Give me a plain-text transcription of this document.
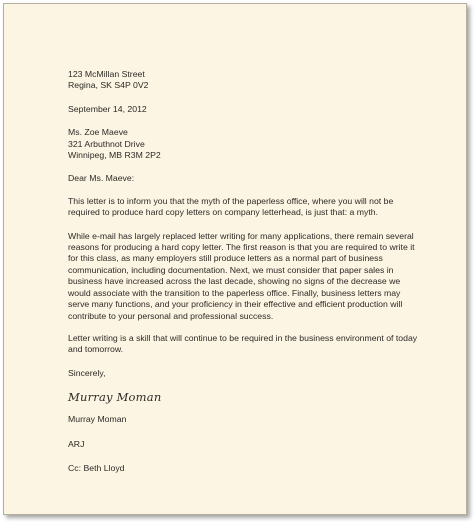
123 McMillan Street

Regina, SK S4P 0V2

September 14, 2012

Ms. Zoe Maeve

321 Arbuthnot Drive

Winnipeg, MB R3M 2P2

Dear Ms. Maeve:

This letter is to inform you that the myth of the paperless office, where you will not be required to produce hard copy letters on company letterhead, is just that: a myth.

While e-mail has largely replaced letter writing for many applications, there remain several reasons for producing a hard copy letter. The first reason is that you are required to write it for this class, as many employers still produce letters as a normal part of business communication, including documentation. Next, we must consider that paper sales in business have increased across the last decade, showing no signs of the decrease we would associate with the transition to the paperless office. Finally, business letters may serve many functions, and your proficiency in their effective and efficient production will contribute to your personal and professional success.

Letter writing is a skill that will continue to be required in the business environment of today and tomorrow.

Sincerely,

Murray Moman

Murray Moman

ARJ

Cc: Beth Lloyd
